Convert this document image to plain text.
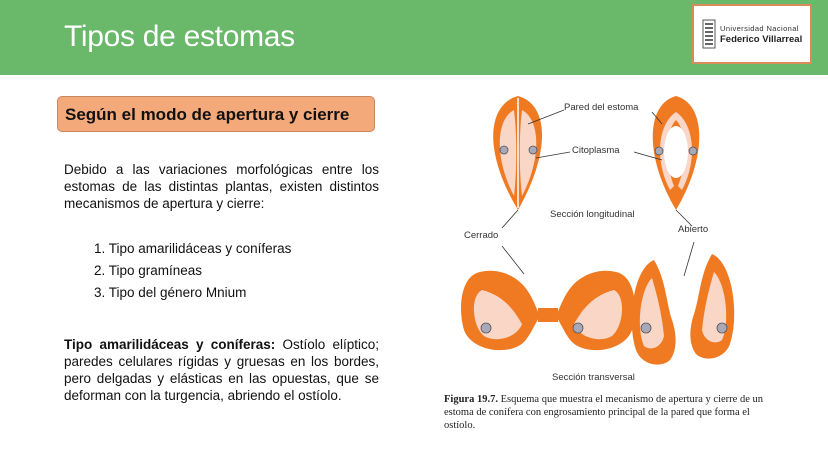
Tipos de estomas	Universidad Nacional
Federico Villarreal
Según el modo de apertura y cierre
Debido a las variaciones morfológicas entre los estomas de las distintas plantas, existen distintos mecanismos de apertura y cierre:
1. Tipo amarilidáceas y coníferas
2. Tipo gramíneas
3. Tipo del género Mnium
Tipo amarilidáceas y coníferas: Ostíolo elíptico; paredes celulares rígidas y gruesas en los bordes, pero delgadas y elásticas en las opuestas, que se deforman con la turgencia, abriendo el ostíolo.
Pared del estoma
Citoplasma
Sección longitudinal
Cerrado
Abierto
Sección transversal
Figura 19.7. Esquema que muestra el mecanismo de apertura y cierre de un estoma de conífera con engrosamiento principal de la pared que forma el ostíolo.
